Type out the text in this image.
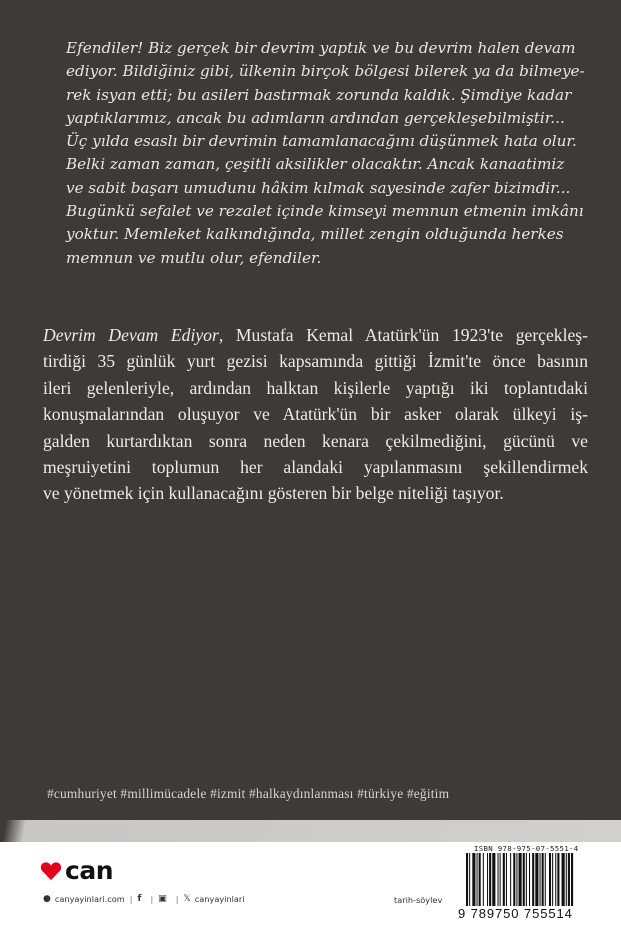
Efendiler! Biz gerçek bir devrim yaptık ve bu devrim halen devam
ediyor. Bildiğiniz gibi, ülkenin birçok bölgesi bilerek ya da bilmeye-
rek isyan etti; bu asileri bastırmak zorunda kaldık. Şimdiye kadar
yaptıklarımız, ancak bu adımların ardından gerçekleşebilmiştir...
Üç yılda esaslı bir devrimin tamamlanacağını düşünmek hata olur.
Belki zaman zaman, çeşitli aksilikler olacaktır. Ancak kanaatimiz
ve sabit başarı umudunu hâkim kılmak sayesinde zafer bizimdir...
Bugünkü sefalet ve rezalet içinde kimseyi memnun etmenin imkânı
yoktur. Memleket kalkındığında, millet zengin olduğunda herkes
memnun ve mutlu olur, efendiler.
Devrim Devam Ediyor, Mustafa Kemal Atatürk'ün 1923'te gerçekleş-
tirdiği 35 günlük yurt gezisi kapsamında gittiği İzmit'te önce basının
ileri gelenleriyle, ardından halktan kişilerle yaptığı iki toplantıdaki
konuşmalarından oluşuyor ve Atatürk'ün bir asker olarak ülkeyi iş-
galden kurtardıktan sonra neden kenara çekilmediğini, gücünü ve
meşruiyetini toplumun her alandaki yapılanmasını şekillendirmek
ve yönetmek için kullanacağını gösteren bir belge niteliği taşıyor.
#cumhuriyet #millimücadele #izmit #halkaydınlanması #türkiye #eğitim
can
● canyayinlari.com | f | ▣ | 𝕏 canyayinlari	tarih-söylev
ISBN 978-975-07-5551-4
9 789750 755514
